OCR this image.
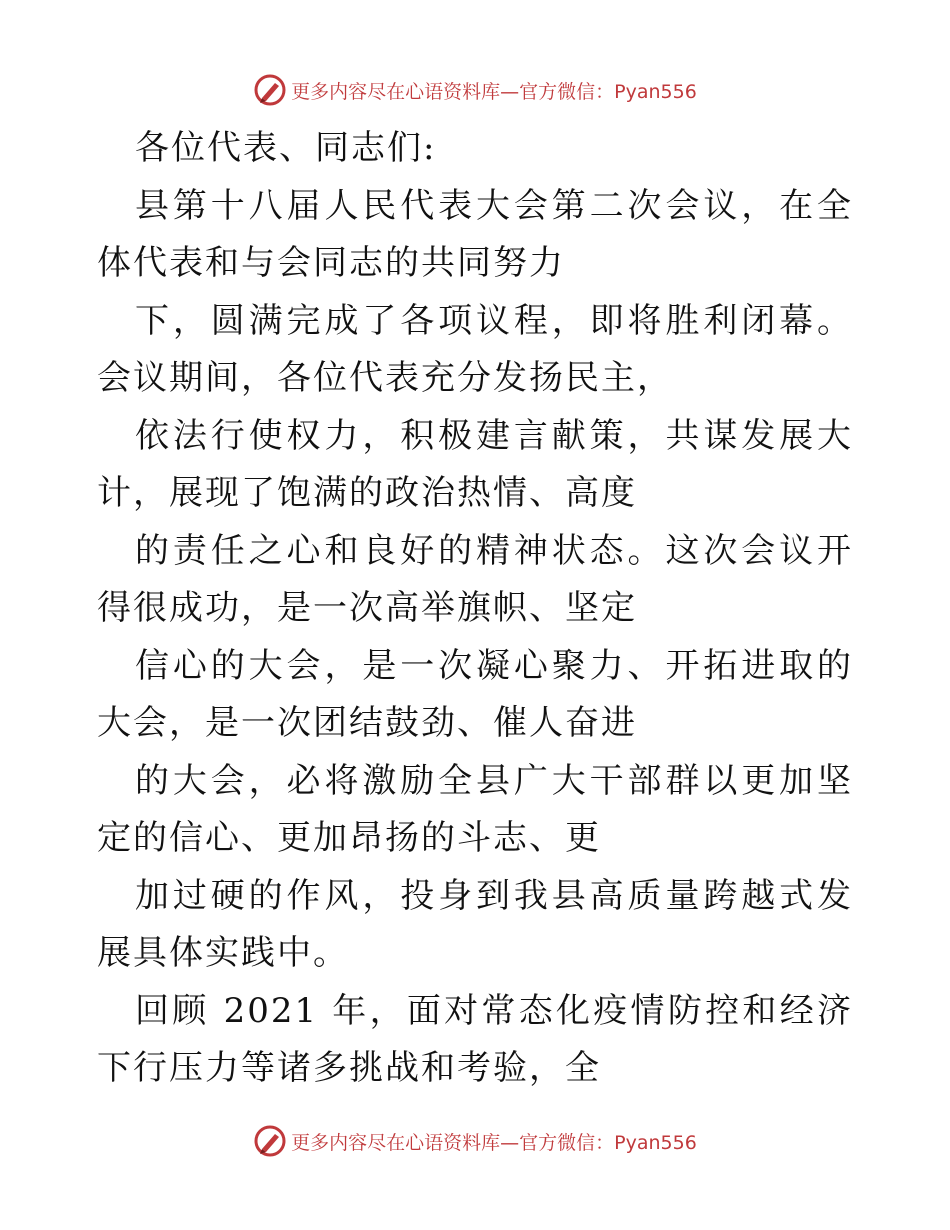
更多内容尽在心语资料库—官方微信：Pyan556

各位代表、同志们:

县第十八届人民代表大会第二次会议，在全体代表和与会同志的共同努力

下，圆满完成了各项议程，即将胜利闭幕。会议期间，各位代表充分发扬民主，

依法行使权力，积极建言献策，共谋发展大计，展现了饱满的政治热情、高度

的责任之心和良好的精神状态。这次会议开得很成功，是一次高举旗帜、坚定

信心的大会，是一次凝心聚力、开拓进取的大会，是一次团结鼓劲、催人奋进

的大会，必将激励全县广大干部群以更加坚定的信心、更加昂扬的斗志、更

加过硬的作风，投身到我县高质量跨越式发展具体实践中。

回顾 2021 年，面对常态化疫情防控和经济下行压力等诸多挑战和考验，全

更多内容尽在心语资料库—官方微信：Pyan556
